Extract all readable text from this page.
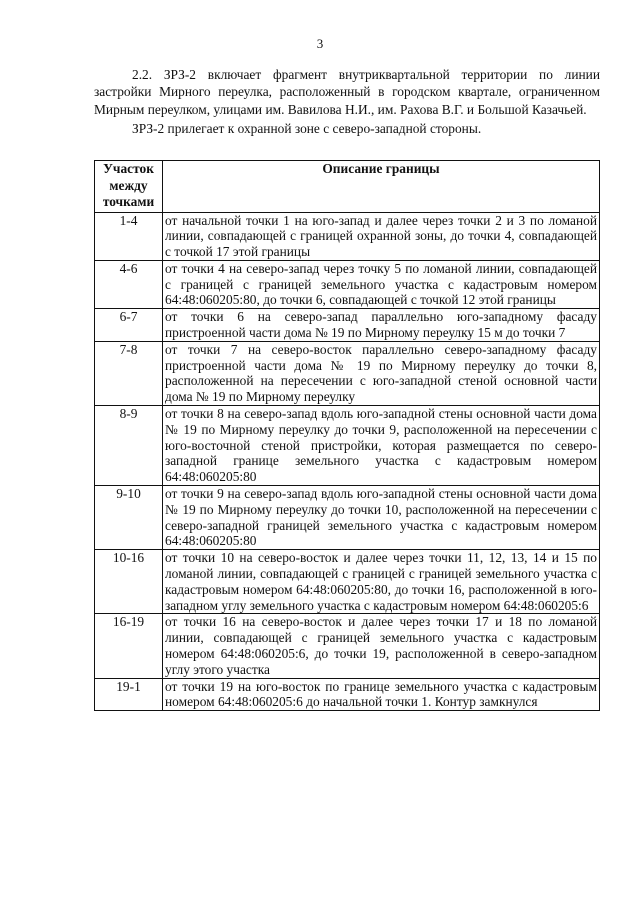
3

2.2. ЗРЗ-2 включает фрагмент внутриквартальной территории по линии застройки Мирного переулка, расположенный в городском квартале, ограниченном Мирным переулком, улицами им. Вавилова Н.И., им. Рахова В.Г. и Большой Казачьей.

ЗРЗ-2 прилегает к охранной зоне с северо-западной стороны.

Участок между точками	Описание границы

1-4	от начальной точки 1 на юго-запад и далее через точки 2 и 3 по ломаной линии, совпадающей с границей охранной зоны, до точки 4, совпадающей с точкой 17 этой границы
4-6	от точки 4 на северо-запад через точку 5 по ломаной линии, совпадающей с границей с границей земельного участка с кадастровым номером 64:48:060205:80, до точки 6, совпадающей с точкой 12 этой границы
6-7	от точки 6 на северо-запад параллельно юго-западному фасаду пристроенной части дома № 19 по Мирному переулку 15 м до точки 7
7-8	от точки 7 на северо-восток параллельно северо-западному фасаду пристроенной части дома № 19 по Мирному переулку до точки 8, расположенной на пересечении с юго-западной стеной основной части дома № 19 по Мирному переулку
8-9	от точки 8 на северо-запад вдоль юго-западной стены основной части дома № 19 по Мирному переулку до точки 9, расположенной на пересечении с юго-восточной стеной пристройки, которая размещается по северо-западной границе земельного участка с кадастровым номером 64:48:060205:80
9-10	от точки 9 на северо-запад вдоль юго-западной стены основной части дома № 19 по Мирному переулку до точки 10, расположенной на пересечении с северо-западной границей земельного участка с кадастровым номером 64:48:060205:80
10-16	от точки 10 на северо-восток и далее через точки 11, 12, 13, 14 и 15 по ломаной линии, совпадающей с границей с границей земельного участка с кадастровым номером 64:48:060205:80, до точки 16, расположенной в юго-западном углу земельного участка с кадастровым номером 64:48:060205:6
16-19	от точки 16 на северо-восток и далее через точки 17 и 18 по ломаной линии, совпадающей с границей земельного участка с кадастровым номером 64:48:060205:6, до точки 19, расположенной в северо-западном углу этого участка
19-1	от точки 19 на юго-восток по границе земельного участка с кадастровым номером 64:48:060205:6 до начальной точки 1. Контур замкнулся
